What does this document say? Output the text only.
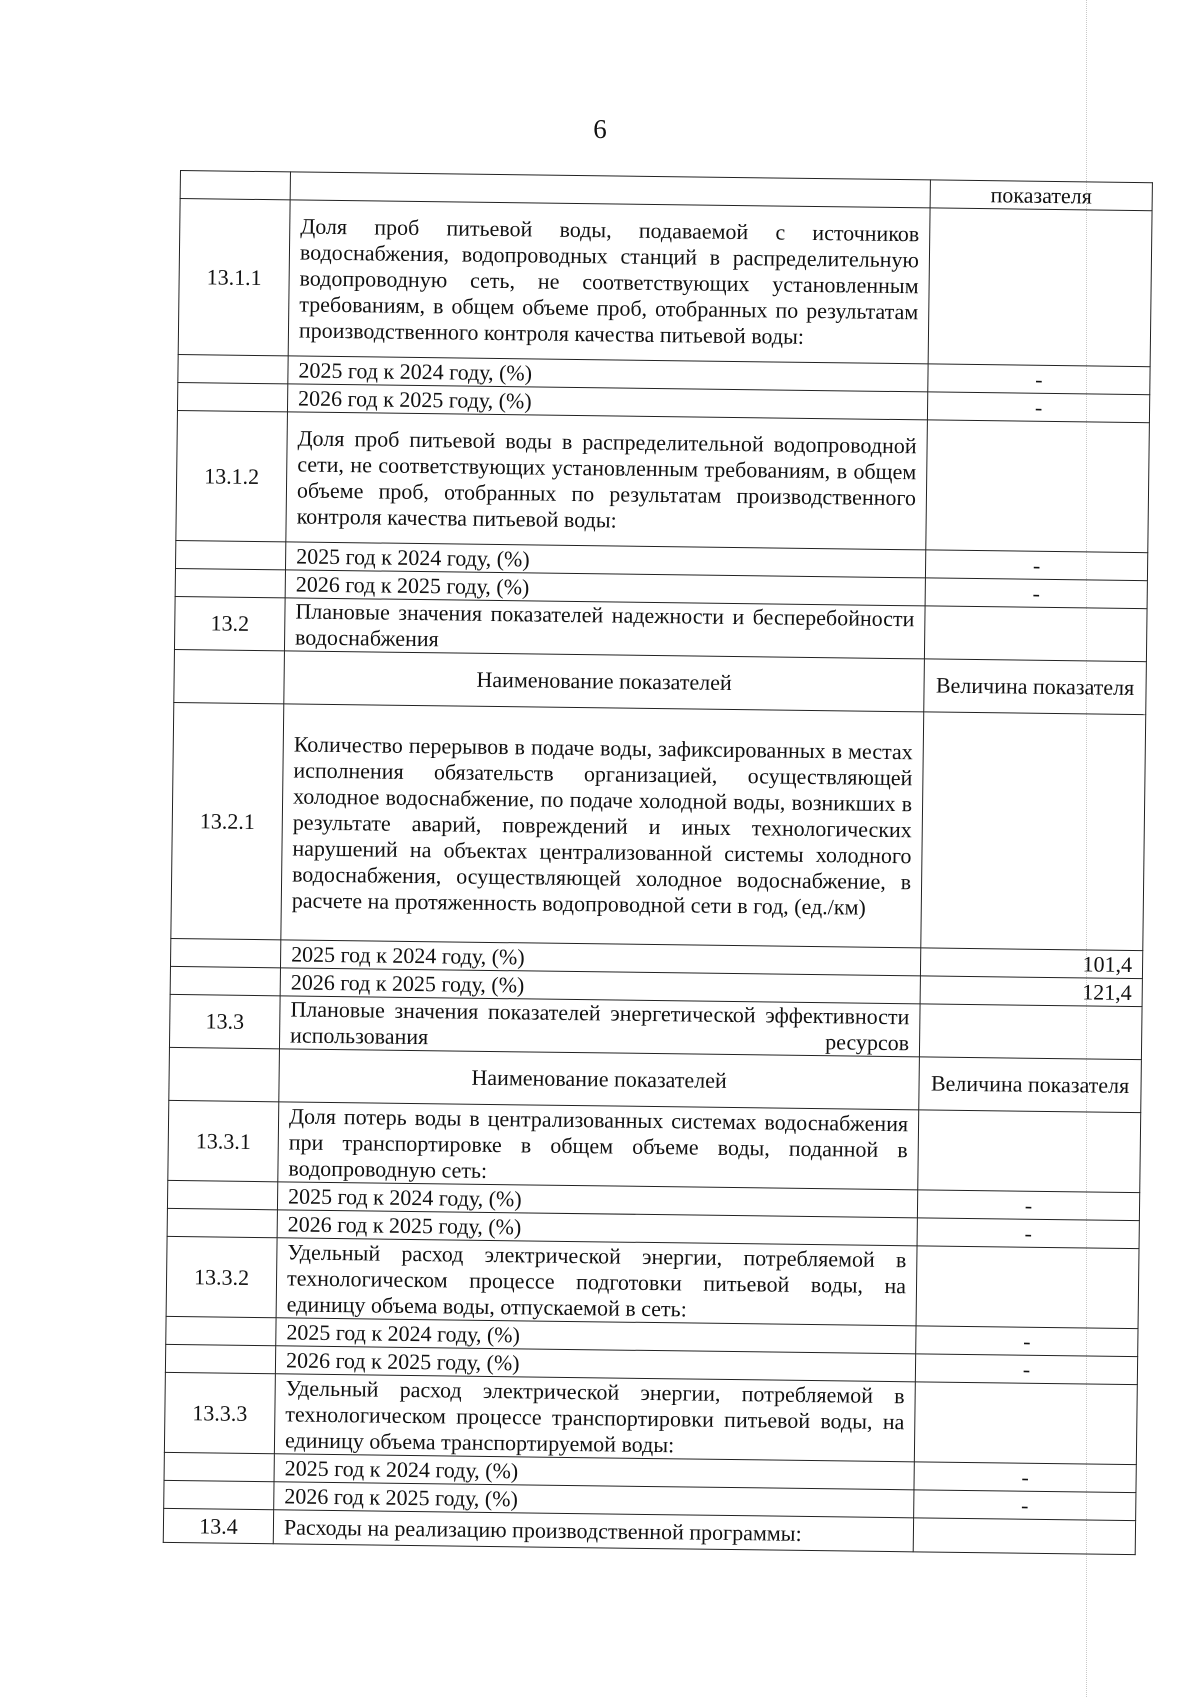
6
		показателя
13.1.1	Доля проб питьевой воды, подаваемой с источников водоснабжения, водопроводных станций в распределительную водопроводную сеть, не соответствующих установленным требованиям, в общем объеме проб, отобранных по результатам производственного контроля качества питьевой воды:	
	2025 год к 2024 году, (%)	-
	2026 год к 2025 году, (%)	-
13.1.2	Доля проб питьевой воды в распределительной водопроводной сети, не соответствующих установленным требованиям, в общем объеме проб, отобранных по результатам производственного контроля качества питьевой воды:	
	2025 год к 2024 году, (%)	-
	2026 год к 2025 году, (%)	-
13.2	Плановые значения показателей надежности и бесперебойности водоснабжения	
	Наименование показателей	Величина показателя
13.2.1	Количество перерывов в подаче воды, зафиксированных в местах исполнения обязательств организацией, осуществляющей холодное водоснабжение, по подаче холодной воды, возникших в результате аварий, повреждений и иных технологических нарушений на объектах централизованной системы холодного водоснабжения, осуществляющей холодное водоснабжение, в расчете на протяженность водопроводной сети в год, (ед./км)	
	2025 год к 2024 году, (%)	101,4
	2026 год к 2025 году, (%)	121,4
13.3	Плановые значения показателей энергетической эффективности использования ресурсов	
	Наименование показателей	Величина показателя
13.3.1	Доля потерь воды в централизованных системах водоснабжения при транспортировке в общем объеме воды, поданной в водопроводную сеть:	
	2025 год к 2024 году, (%)	-
	2026 год к 2025 году, (%)	-
13.3.2	Удельный расход электрической энергии, потребляемой в технологическом процессе подготовки питьевой воды, на единицу объема воды, отпускаемой в сеть:	
	2025 год к 2024 году, (%)	-
	2026 год к 2025 году, (%)	-
13.3.3	Удельный расход электрической энергии, потребляемой в технологическом процессе транспортировки питьевой воды, на единицу объема транспортируемой воды:	
	2025 год к 2024 году, (%)	-
	2026 год к 2025 году, (%)	-
13.4	Расходы на реализацию производственной программы:	
